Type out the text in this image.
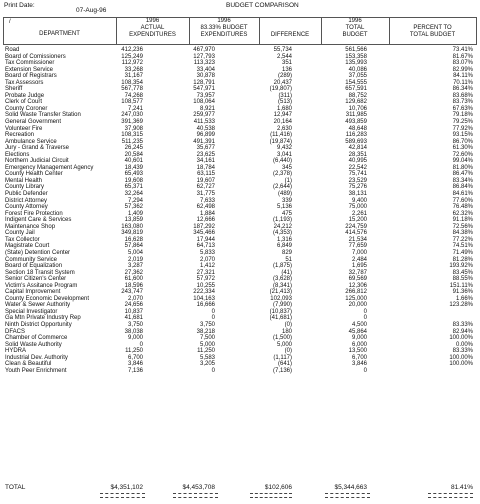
Print Date:
07-Aug-96
BUDGET COMPARISON
/
DEPARTMENT
1996
ACTUAL
EXPENDITURES
1996
83.33% BUDGET
EXPENDITURES	DIFFERENCE
1996
TOTAL
BUDGET
PERCENT TO
TOTAL BUDGET
Road	412,236	467,970	55,734	561,566	73.41%
Board of Comissioners	125,249	127,793	2,544	153,358	81.67%
Tax Commissioner	112,972	113,323	351	135,993	83.07%
Extension Service	33,268	33,404	136	40,086	82.99%
Board of Registrars	31,167	30,878	(289)	37,055	84.11%
Tax Assessors	108,354	128,791	20,437	154,555	70.11%
Sheriff	567,778	547,971	(19,807)	657,591	86.34%
Probate Judge	74,268	73,957	(311)	88,752	83.68%
Clerk of Court	108,577	108,064	(513)	129,682	83.73%
County Coroner	7,241	8,921	1,680	10,706	67.63%
Solid Waste Transfer Station	247,030	259,977	12,947	311,985	79.18%
General Government	391,369	411,533	20,164	493,859	79.25%
Volunteer Fire	37,908	40,538	2,630	48,648	77.92%
Recreation	108,315	96,899	(11,416)	116,283	93.15%
Ambulance Service	511,235	491,391	(19,874)	589,693	86.70%
Jury - Grand & Traverse	26,245	35,677	9,432	42,814	61.30%
Elections	20,584	23,625	3,041	28,351	72.60%
Northern Judicial Circuit	40,601	34,161	(6,440)	40,995	99.04%
Emergency Management Agency	18,439	18,784	345	22,542	81.80%
County Health Center	65,493	63,115	(2,378)	75,741	86.47%
Mental Health	19,608	19,607	(1)	23,529	83.34%
County Library	65,371	62,727	(2,644)	75,276	86.84%
Public Defender	32,264	31,775	(489)	38,131	84.61%
District Attorney	7,294	7,633	339	9,400	77.60%
County Attorney	57,362	62,498	5,136	75,000	76.48%
Forest Fire Protection	1,409	1,884	475	2,261	62.32%
Indigent Care & Services	13,859	12,666	(1,193)	15,200	91.18%
Maintenance Shop	163,080	187,292	24,212	224,759	72.56%
County Jail	349,819	345,466	(4,353)	414,576	84.38%
Tax Collector	16,628	17,944	1,316	21,534	77.22%
Magistrate Court	57,864	64,713	6,849	77,659	74.51%
(State) Detention Center	5,004	5,833	829	7,000	71.49%
Community Service	2,019	2,070	51	2,484	81.28%
Board of Equalization	3,287	1,412	(1,875)	1,695	193.92%
Section 18 Transit System	27,362	27,321	(41)	32,787	83.45%
Senior Citizen's Center	61,600	57,972	(3,628)	69,569	88.55%
Victim's Assitance Program	18,596	10,255	(8,341)	12,306	151.11%
Capital Improvement	243,747	222,334	(21,413)	266,812	91.36%
County Economic Development	2,070	104,163	102,093	125,000	1.66%
Water & Sewer Authority	24,656	16,666	(7,990)	20,000	123.28%
Special Investigator	10,837	0	(10,837)	0
Ga Mtn Private Industry Rep	41,681	0	(41,681)	0
Ninth District Opportunity	3,750	3,750	(0)	4,500	83.33%
DFACS	38,038	38,218	180	45,864	82.94%
Chamber of Commerce	9,000	7,500	(1,500)	9,000	100.00%
Solid Waste Authority	0	5,000	5,000	6,000	0.00%
HYDRA	11,250	11,250	(0)	13,500	83.33%
Industrial Dev. Authority	6,700	5,583	(1,117)	6,700	100.00%
Clean & Beautiful	3,846	3,205	(641)	3,846	100.00%
Youth Peer Enrichment	7,136	0	(7,136)	0
TOTAL	$4,351,102	$4,453,708	$102,606	$5,344,663	81.41%
